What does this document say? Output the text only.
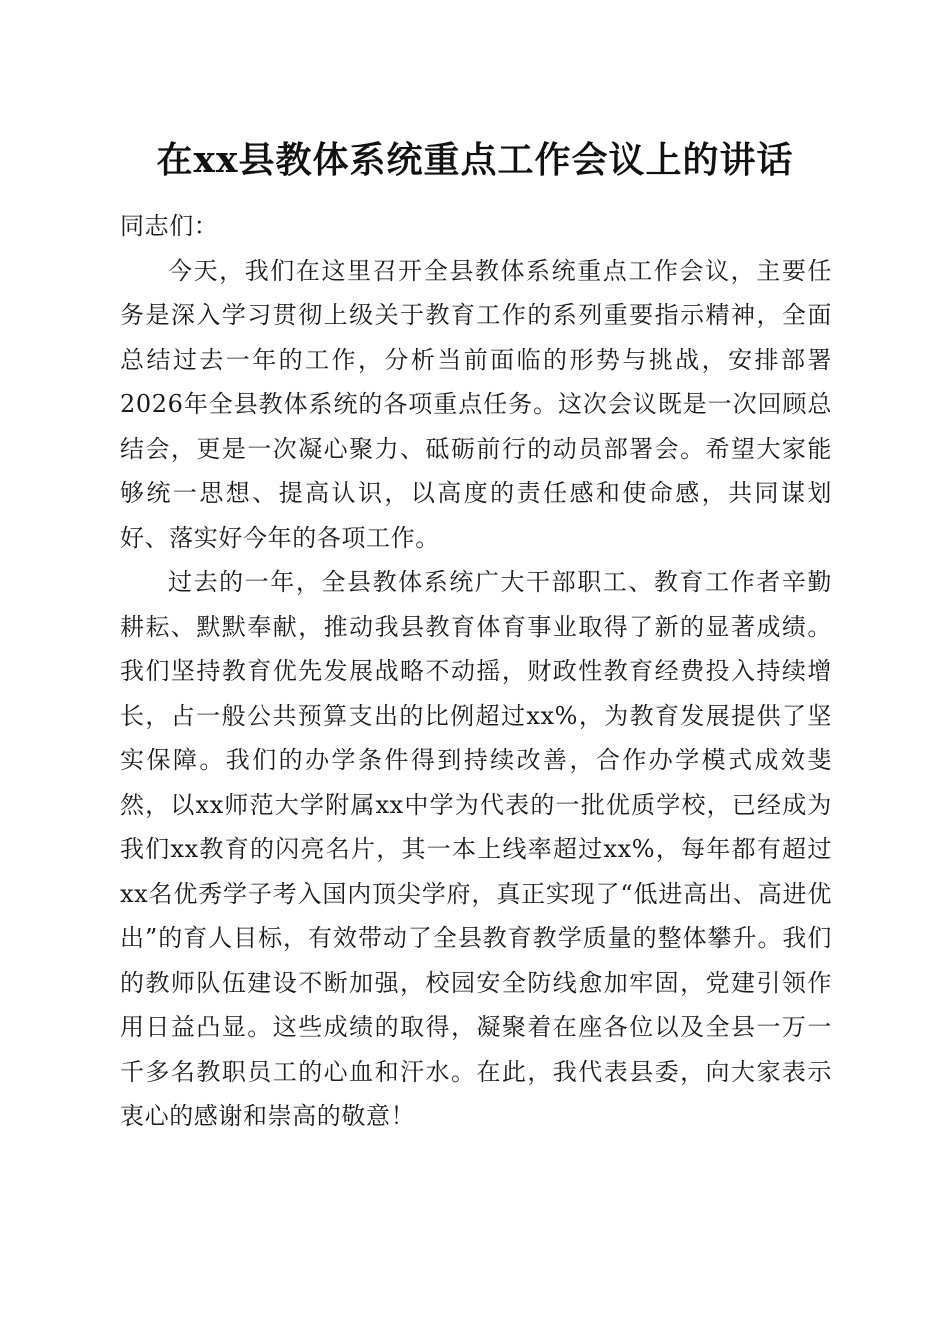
在xx县教体系统重点工作会议上的讲话

同志们：

今天，我们在这里召开全县教体系统重点工作会议，主要任务是深入学习贯彻上级关于教育工作的系列重要指示精神，全面总结过去一年的工作，分析当前面临的形势与挑战，安排部署2026年全县教体系统的各项重点任务。这次会议既是一次回顾总结会，更是一次凝心聚力、砥砺前行的动员部署会。希望大家能够统一思想、提高认识，以高度的责任感和使命感，共同谋划好、落实好今年的各项工作。

过去的一年，全县教体系统广大干部职工、教育工作者辛勤耕耘、默默奉献，推动我县教育体育事业取得了新的显著成绩。我们坚持教育优先发展战略不动摇，财政性教育经费投入持续增长，占一般公共预算支出的比例超过xx%，为教育发展提供了坚实保障。我们的办学条件得到持续改善，合作办学模式成效斐然，以xx师范大学附属xx中学为代表的一批优质学校，已经成为我们xx教育的闪亮名片，其一本上线率超过xx%，每年都有超过xx名优秀学子考入国内顶尖学府，真正实现了“低进高出、高进优出”的育人目标，有效带动了全县教育教学质量的整体攀升。我们的教师队伍建设不断加强，校园安全防线愈加牢固，党建引领作用日益凸显。这些成绩的取得，凝聚着在座各位以及全县一万一千多名教职员工的心血和汗水。在此，我代表县委，向大家表示衷心的感谢和崇高的敬意！
